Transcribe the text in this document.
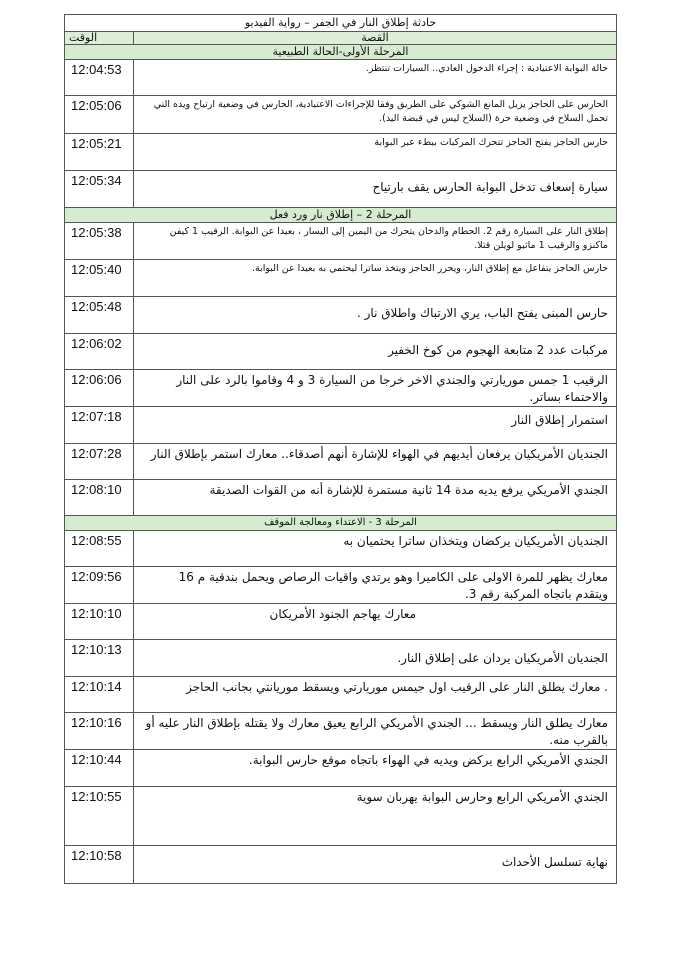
حادثة إطلاق النار في الجفر – رواية الفيديو	
الوقت	القصة
المرحلة الأولى-الحالة الطبيعية	
12:04:53	حالة البوابة الاعتيادية : إجراء الدخول العادي.. السيارات تنتظر.
12:05:06	الحارس على الحاجز يزيل المانع الشوكي على الطريق وفقا للإجراءات الاعتيادية، الحارس في وضعية ارتياح ويده التي تحمل السلاح في وضعية حرة (السلاح ليس في قبضة اليد).
12:05:21	حارس الحاجز يفتح الحاجز تتحرك المركبات ببطء عبر البوابة
12:05:34	سيارة إسعاف تدخل البوابة الحارس يقف بارتياح
المرحلة 2 – إطلاق نار ورد فعل	
12:05:38	إطلاق النار على السيارة رقم 2. الحطام والدخان يتحرك من اليمين إلى اليسار ، بعيدا عن البوابة. الرقيب 1 كيفن ماكنزو والرقيب 1 ماثيو لويلن قتلا.
12:05:40	حارس الحاجز يتفاعل مع إطلاق النار، ويحرر الحاجز ويتخذ ساترا ليحتمي به بعيدا عن البوابة.
12:05:48	حارس المبنى يفتح الباب، يري الارتباك واطلاق نار .
12:06:02	مركبات عدد 2 متابعة الهجوم من كوخ الخفير
12:06:06	الرقيب 1 جمس موريارتي والجندي الاخر خرجا من السيارة 3 و 4 وقاموا بالرد على النار والاحتماء بساتر.
12:07:18	استمرار إطلاق النار
12:07:28	الجنديان الأمريكيان يرفعان أيديهم في الهواء للإشارة أنهم أصدقاء.. معارك استمر بإطلاق النار
12:08:10	الجندي الأمريكي يرفع يديه مدة 14 ثانية مستمرة للإشارة أنه من القوات الصديقة
المرحلة 3 - الاعتداء ومعالجة الموقف	
12:08:55	الجنديان الأمريكيان يركضان ويتخذان ساترا يحتميان به
12:09:56	معارك يظهر للمرة الاولى على الكاميرا وهو يرتدي واقيات الرصاص ويحمل بندقية م 16 ويتقدم باتجاه المركبة رقم 3.
12:10:10	معارك يهاجم الجنود الأمريكان
12:10:13	الجنديان الأمريكيان يردان على إطلاق النار.
12:10:14	. معارك يطلق النار على الرقيب اول جيمس موريارتي ويسقط موريانتي بجانب الحاجز
12:10:16	معارك يطلق النار ويسقط ... الجندي الأمريكي الرابع يعيق معارك ولا يقتله بإطلاق النار عليه أو بالقرب منه.
12:10:44	الجندي الأمريكي الرابع يركض ويديه في الهواء باتجاه موقع حارس البوابة.
12:10:55	الجندي الأمريكي الرابع وحارس البوابة يهربان سوية
12:10:58	نهاية تسلسل الأحداث
